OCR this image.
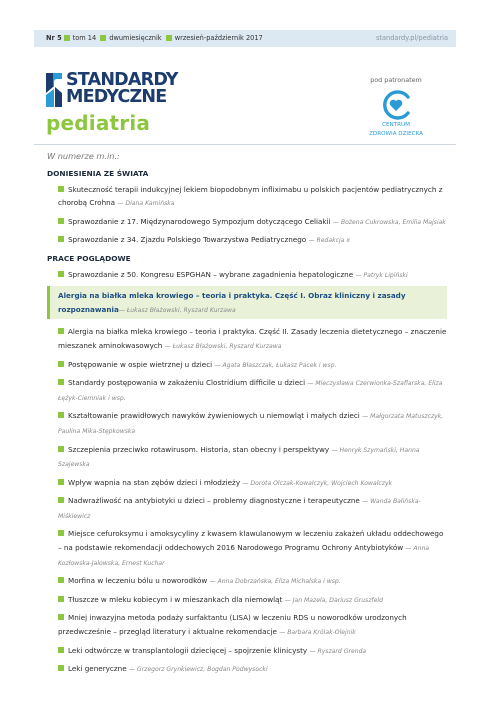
Nr 5 tom 14 dwumiesięcznik wrzesień-październik 2017	standardy.pl/pediatria
STANDARDY
MEDYCZNE
pediatria
pod patronatem
CENTRUM
ZDROWIA DZIECKA
W numerze m.in.:
DONIESIENIA ZE ŚWIATA
Skuteczność terapii indukcyjnej lekiem biopodobnym infliximabu u polskich pacjentów pediatrycznych z chorobą Crohna — Diana Kamińska
Sprawozdanie z 17. Międzynarodowego Sympozjum dotyczącego Celiakii — Bożena Cukrowska, Emilia Majsiak
Sprawozdanie z 34. Zjazdu Polskiego Towarzystwa Pediatrycznego — Redakcja x
PRACE POGLĄDOWE
Sprawozdanie z 50. Kongresu ESPGHAN – wybrane zagadnienia hepatologiczne — Patryk Lipiński
Alergia na białka mleka krowiego – teoria i praktyka. Część I. Obraz kliniczny i zasady rozpoznawania — Łukasz Błażowski, Ryszard Kurzawa
Alergia na białka mleka krowiego – teoria i praktyka. Część II. Zasady leczenia dietetycznego – znaczenie mieszanek aminokwasowych — Łukasz Błażowski, Ryszard Kurzawa
Postępowanie w ospie wietrznej u dzieci — Agata Błaszczak, Łukasz Pacek i wsp.
Standardy postępowania w zakażeniu Clostridium difficile u dzieci — Mieczysława Czerwionka-Szaflarska, Eliza Łężyk-Ciemniak i wsp.
Kształtowanie prawidłowych nawyków żywieniowych u niemowląt i małych dzieci — Małgorzata Matuszczyk, Paulina Mika-Stępkowska
Szczepienia przeciwko rotawirusom. Historia, stan obecny i perspektywy — Henryk Szymański, Hanna Szajewska
Wpływ wapnia na stan zębów dzieci i młodzieży — Dorota Olczak-Kowalczyk, Wojciech Kowalczyk
Nadwrażliwość na antybiotyki u dzieci – problemy diagnostyczne i terapeutyczne — Wanda Balińska-Miśkiewicz
Miejsce cefuroksymu i amoksycyliny z kwasem klawulanowym w leczeniu zakażeń układu oddechowego – na podstawie rekomendacji oddechowych 2016 Narodowego Programu Ochrony Antybiotyków — Anna Kozłowska-Jalowska, Ernest Kuchar
Morfina w leczeniu bólu u noworodków — Anna Dobrzańska, Eliza Michalska i wsp.
Tłuszcze w mleku kobiecym i w mieszankach dla niemowląt — Jan Mazela, Dariusz Gruszfeld
Mniej inwazyjna metoda podaży surfaktantu (LISA) w leczeniu RDS u noworodków urodzonych przedwcześnie – przegląd literatury i aktualne rekomendacje — Barbara Królak-Olejnik
Leki odtwórcze w transplantologii dziecięcej – spojrzenie klinicysty — Ryszard Grenda
Leki generyczne — Grzegorz Grynkiewicz, Bogdan Podwysocki
